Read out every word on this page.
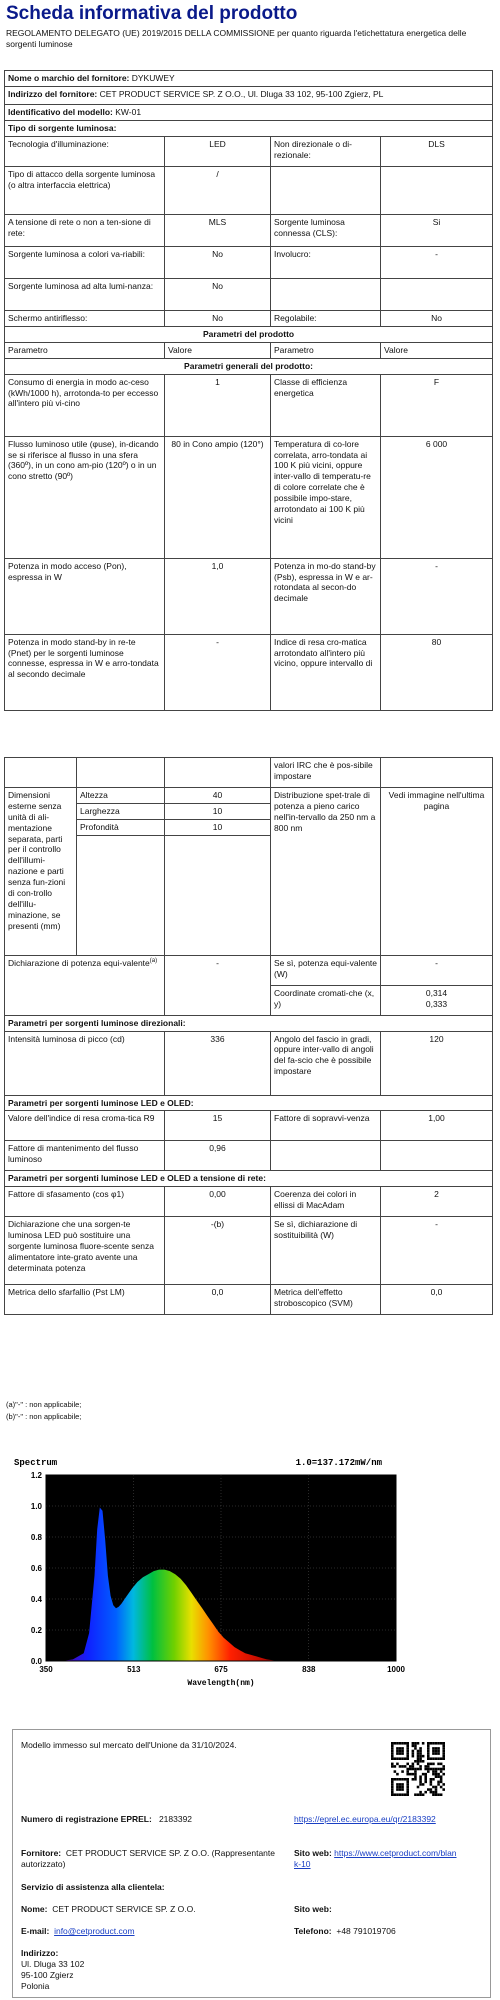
Scheda informativa del prodotto
REGOLAMENTO DELEGATO (UE) 2019/2015 DELLA COMMISSIONE per quanto riguarda l'etichettatura energetica delle sorgenti luminose
Nome o marchio del fornitore: DYKUWEY			
Indirizzo del fornitore: CET PRODUCT SERVICE SP. Z O.O., Ul. Dluga 33 102, 95-100 Zgierz, PL			
Identificativo del modello: KW-01			
Tipo di sorgente luminosa:			
Tecnologia d'illuminazione:	LED	Non direzionale o di-rezionale:	DLS
Tipo di attacco della sorgente luminosa
(o altra interfaccia elettrica)	/		
A tensione di rete o non a ten-sione di rete:	MLS	Sorgente luminosa connessa (CLS):	Si
Sorgente luminosa a colori va-riabili:	No	Involucro:	-
Sorgente luminosa ad alta lumi-nanza:	No		
Schermo antiriflesso:	No	Regolabile:	No
Parametri del prodotto			
Parametro	Valore	Parametro	Valore
Parametri generali del prodotto:			
Consumo di energia in modo ac-ceso (kWh/1000 h), arrotonda-to per eccesso all'intero più vi-cino	1	Classe di efficienza energetica	F
Flusso luminoso utile (φuse), in-dicando se si riferisce al flusso in una sfera (360º), in un cono am-pio (120º) o in un cono stretto (90º)	80 in Cono ampio (120°)	Temperatura di co-lore correlata, arro-tondata ai 100 K più vicini, oppure inter-vallo di temperatu-re di colore correlate che è possibile impo-stare, arrotondato ai 100 K più vicini	6 000
Potenza in modo acceso (Pon), espressa in W	1,0	Potenza in mo-do stand-by (Psb), espressa in W e ar-rotondata al secon-do decimale	-
Potenza in modo stand-by in re-te (Pnet) per le sorgenti luminose connesse, espressa in W e arro-tondata al secondo decimale	-	Indice di resa cro-matica arrotondato all'intero più vicino, oppure intervallo di	80
			valori IRC che è pos-sibile impostare	
Dimensioni esterne senza unità di ali-mentazione separata, parti per il controllo dell'illumi-nazione e parti senza fun-zioni di con-trollo dell'illu-minazione, se presenti (mm)	Altezza	40	Distribuzione spet-trale di potenza a pieno carico nell'in-tervallo da 250 nm a 800 nm	Vedi immagine nell'ultima pagina
	Larghezza	10		
	Profondità	10		

Dichiarazione di potenza equi-valente$^{(a)}$		-	Se sì, potenza equi-valente (W)	-
			Coordinate cromati-che (x, y)	0,314
0,333

Parametri per sorgenti luminose direzionali:				
Intensità luminosa di picco (cd)		336	Angolo del fascio in gradi, oppure inter-vallo di angoli del fa-scio che è possibile impostare	120
Parametri per sorgenti luminose LED e OLED:				
Valore dell'indice di resa croma-tica R9		15	Fattore di sopravvi-venza	1,00
Fattore di mantenimento del flusso luminoso		0,96		
Parametri per sorgenti luminose LED e OLED a tensione di rete:				
Fattore di sfasamento (cos φ1)		0,00	Coerenza dei colori in ellissi di MacAdam	2
Dichiarazione che una sorgen-te luminosa LED può sostituire una sorgente luminosa fluore-scente senza alimentatore inte-grato avente una determinata potenza		-(b)	Se sì, dichiarazione di sostituibilità (W)	-
Metrica dello sfarfallio (Pst LM)		0,0	Metrica dell'effetto stroboscopico (SVM)	0,0
(a)"-" : non applicabile;
(b)"-" : non applicabile;
0.0
0.2
0.4
0.6
0.8
1.0
1.2
350	513	675	838	1000
Spectrum	1.0=137.172mW/nm
Wavelength(nm)
Modello immesso sul mercato dell'Unione da 31/10/2024.
Numero di registrazione EPREL: 2183392	https://eprel.ec.europa.eu/qr/2183392
Fornitore: CET PRODUCT SERVICE SP. Z O.O. (Rappresentante autorizzato)
Sito web: https://www.cetproduct.com/blank-10
Servizio di assistenza alla clientela:
Nome: CET PRODUCT SERVICE SP. Z O.O.	Sito web:
E-mail: info@cetproduct.com	Telefono: +48 791019706
Indirizzo:
Ul. Dluga 33 102
95-100 Zgierz
Polonia
